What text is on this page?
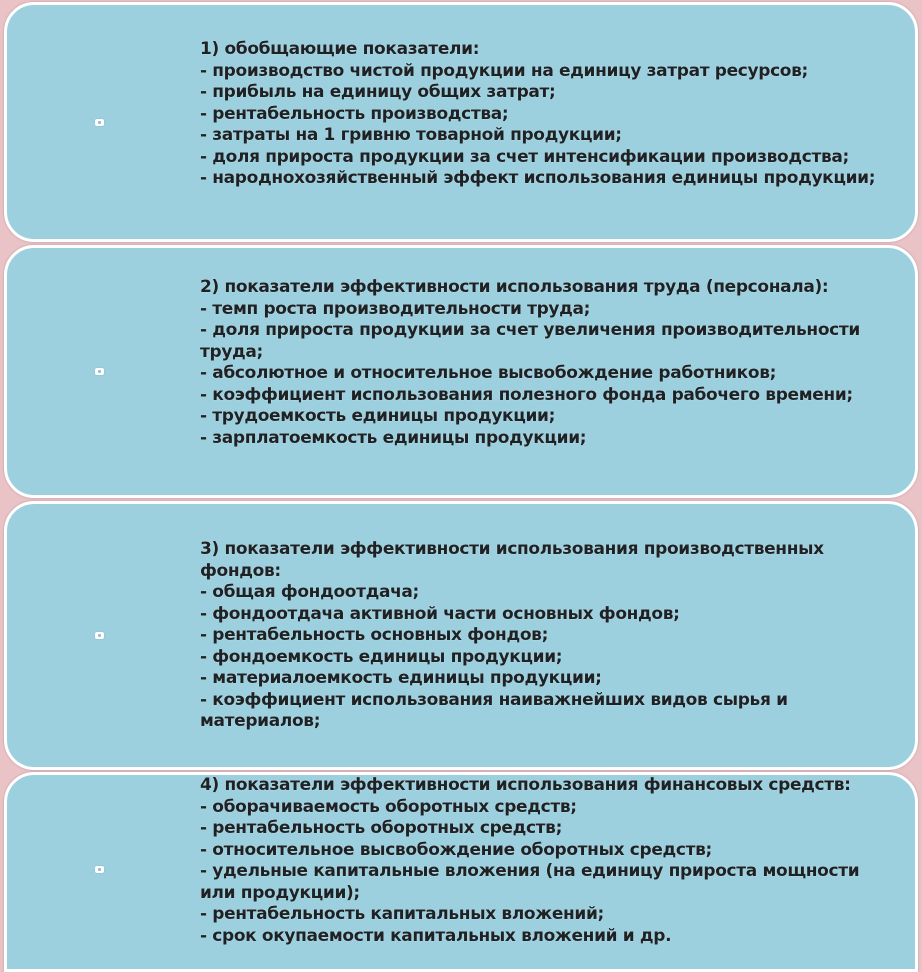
1) обобщающие показатели:
- производство чистой продукции на единицу затрат ресурсов;
- прибыль на единицу общих затрат;
- рентабельность производства;
- затраты на 1 гривню товарной продукции;
- доля прироста продукции за счет интенсификации производства;
- народнохозяйственный эффект использования единицы продукции;
2) показатели эффективности использования труда (персонала):
- темп роста производительности труда;
- доля прироста продукции за счет увеличения производительности труда;
- абсолютное и относительное высвобождение работников;
- коэффициент использования полезного фонда рабочего времени;
- трудоемкость единицы продукции;
- зарплатоемкость единицы продукции;
3) показатели эффективности использования производственных фондов:
- общая фондоотдача;
- фондоотдача активной части основных фондов;
- рентабельность основных фондов;
- фондоемкость единицы продукции;
- материалоемкость единицы продукции;
- коэффициент использования наиважнейших видов сырья и материалов;
4) показатели эффективности использования финансовых средств:
- оборачиваемость оборотных средств;
- рентабельность оборотных средств;
- относительное высвобождение оборотных средств;
- удельные капитальные вложения (на единицу прироста мощности или продукции);
- рентабельность капитальных вложений;
- срок окупаемости капитальных вложений и др.
